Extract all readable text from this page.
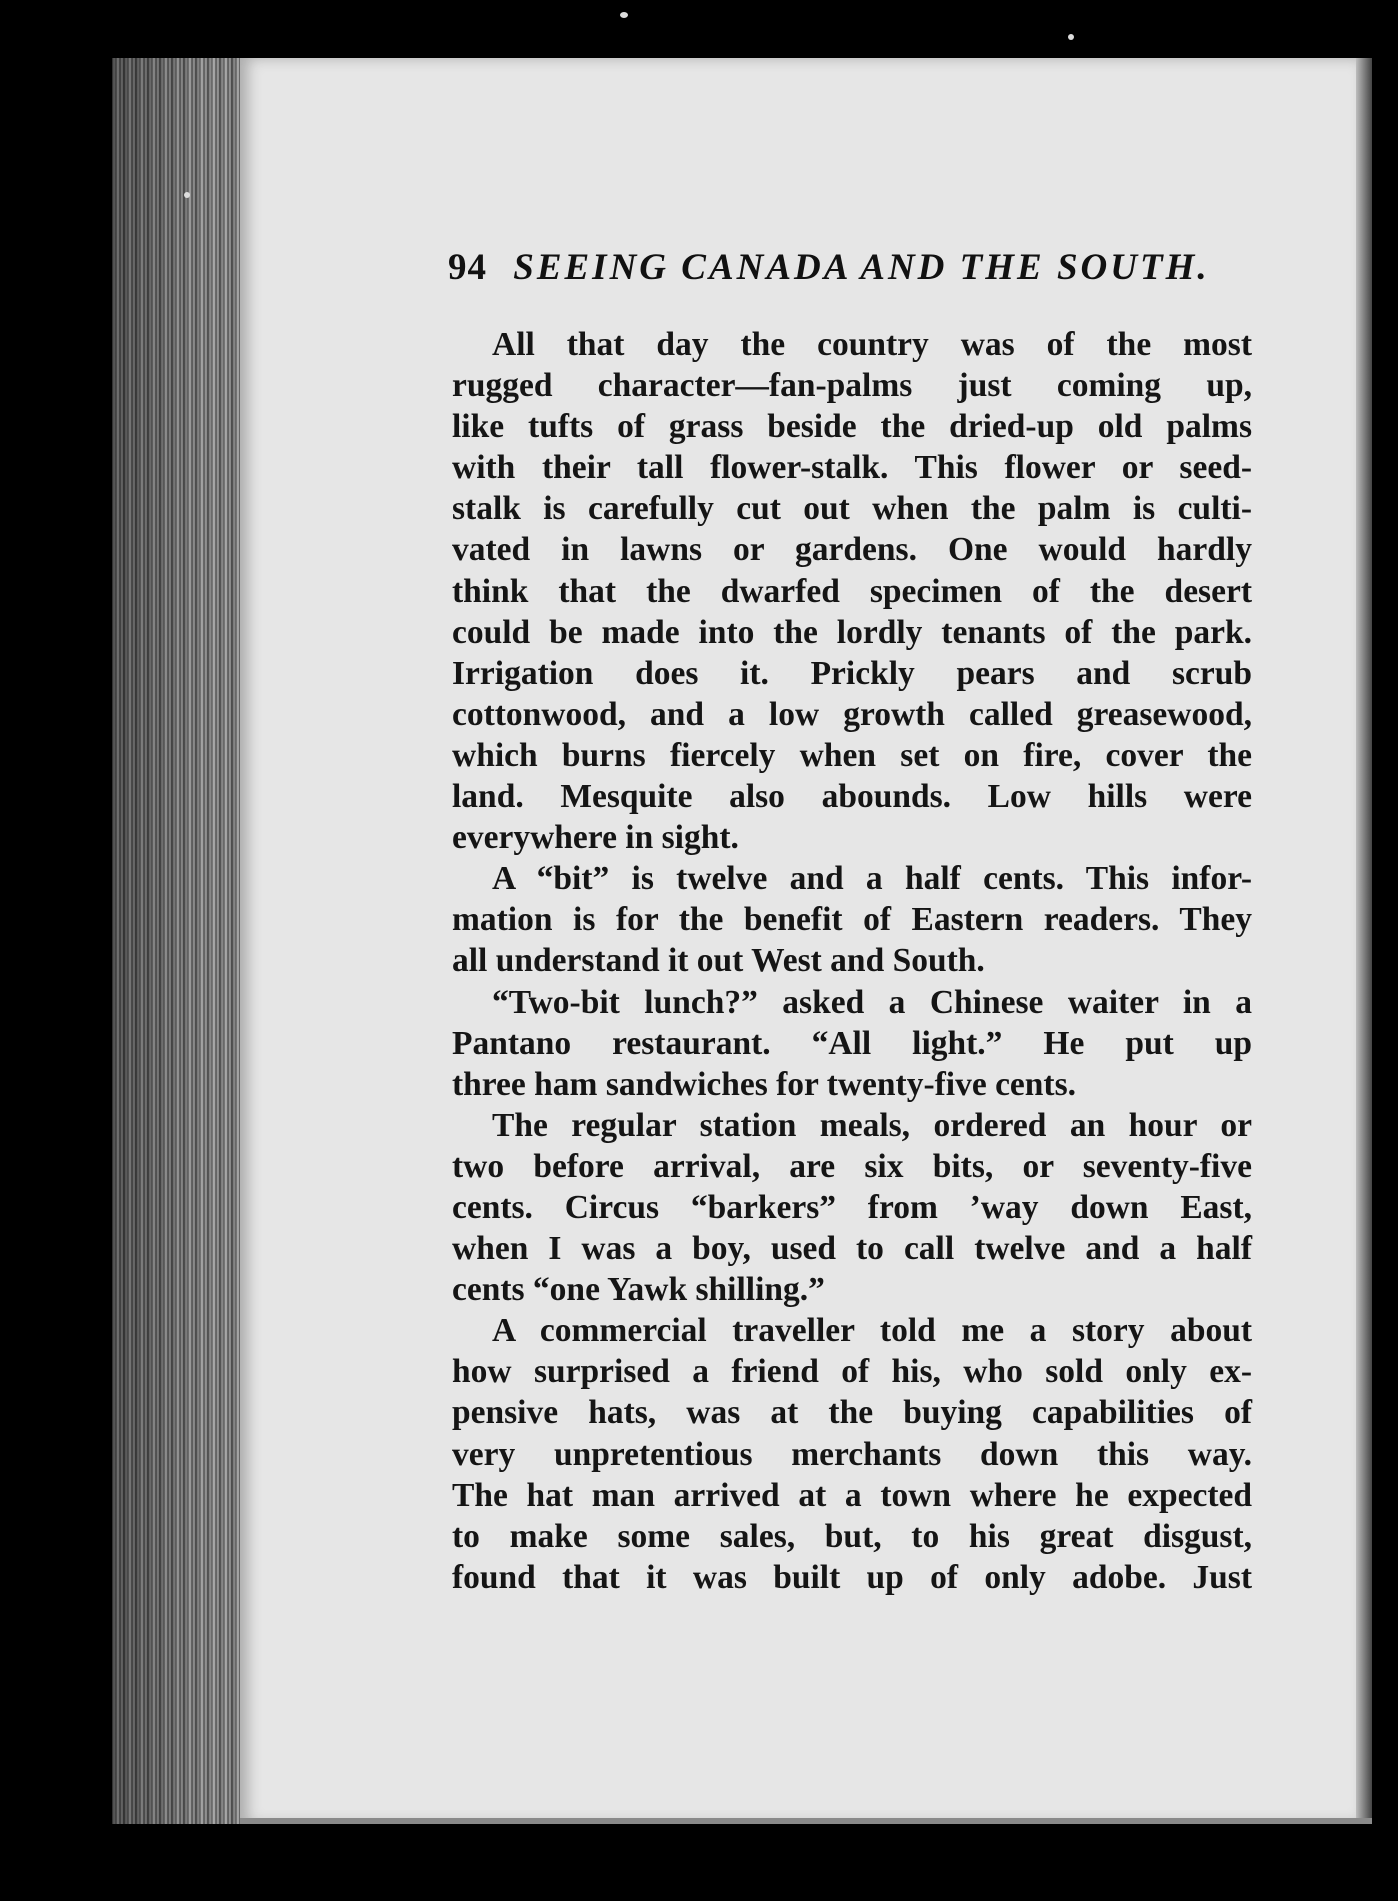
94 SEEING CANADA AND THE SOUTH.
All that day the country was of the most
rugged character—fan-palms just coming up,
like tufts of grass beside the dried-up old palms
with their tall flower-stalk. This flower or seed-
stalk is carefully cut out when the palm is culti-
vated in lawns or gardens. One would hardly
think that the dwarfed specimen of the desert
could be made into the lordly tenants of the park.
Irrigation does it. Prickly pears and scrub
cottonwood, and a low growth called greasewood,
which burns fiercely when set on fire, cover the
land. Mesquite also abounds. Low hills were
everywhere in sight.
A “bit” is twelve and a half cents. This infor-
mation is for the benefit of Eastern readers. They
all understand it out West and South.
“Two-bit lunch?” asked a Chinese waiter in a
Pantano restaurant. “All light.” He put up
three ham sandwiches for twenty-five cents.
The regular station meals, ordered an hour or
two before arrival, are six bits, or seventy-five
cents. Circus “barkers” from ’way down East,
when I was a boy, used to call twelve and a half
cents “one Yawk shilling.”
A commercial traveller told me a story about
how surprised a friend of his, who sold only ex-
pensive hats, was at the buying capabilities of
very unpretentious merchants down this way.
The hat man arrived at a town where he expected
to make some sales, but, to his great disgust,
found that it was built up of only adobe. Just
